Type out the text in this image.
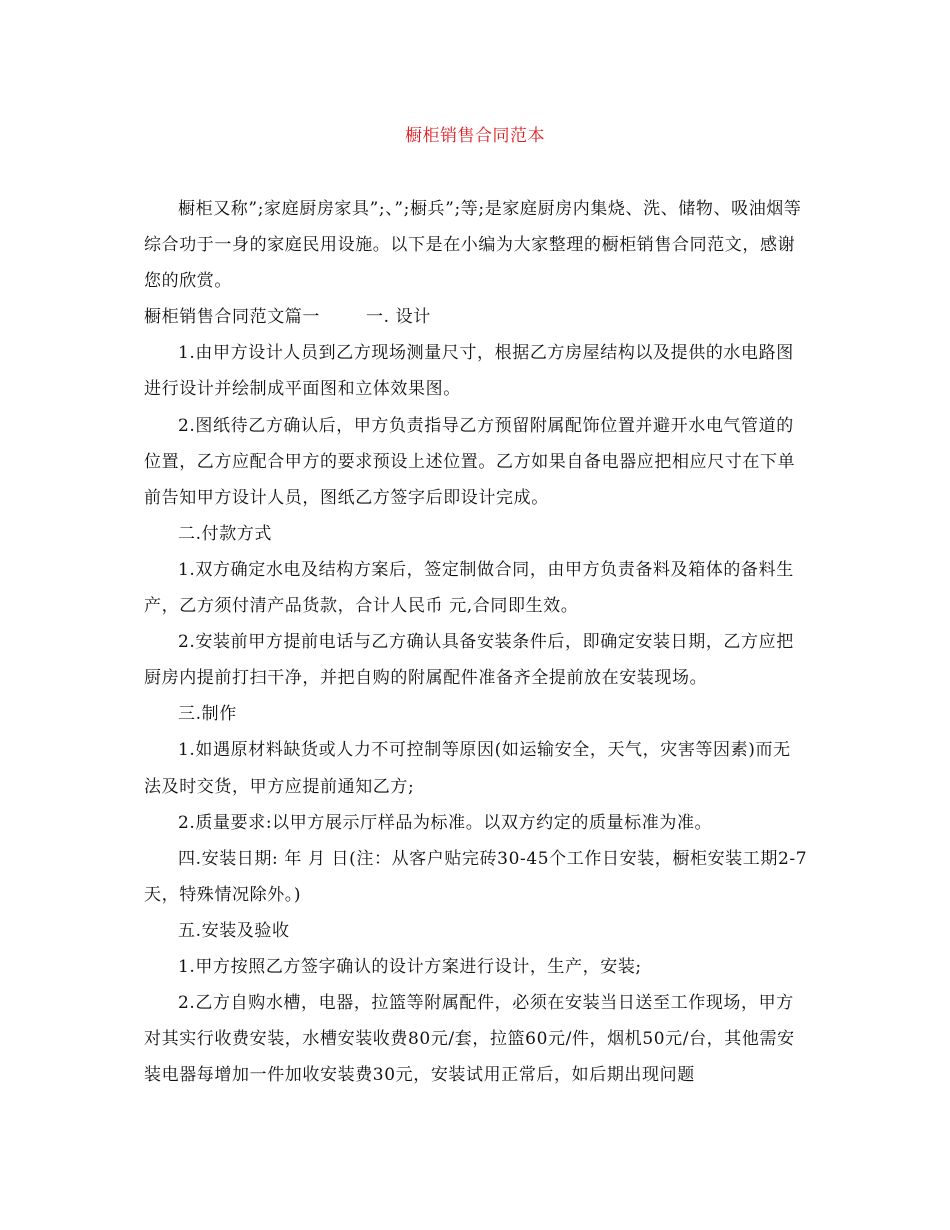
橱柜销售合同范本

橱柜又称”;家庭厨房家具”;、”;橱兵”;等;是家庭厨房内集烧、洗、储物、吸油烟等综合功于一身的家庭民用设施。以下是在小编为大家整理的橱柜销售合同范文，感谢您的欣赏。

橱柜销售合同范文篇一	一. 设计

1.由甲方设计人员到乙方现场测量尺寸，根据乙方房屋结构以及提供的水电路图进行设计并绘制成平面图和立体效果图。

2.图纸待乙方确认后，甲方负责指导乙方预留附属配饰位置并避开水电气管道的位置，乙方应配合甲方的要求预设上述位置。乙方如果自备电器应把相应尺寸在下单前告知甲方设计人员，图纸乙方签字后即设计完成。

二.付款方式

1.双方确定水电及结构方案后，签定制做合同，由甲方负责备料及箱体的备料生产，乙方须付清产品货款，合计人民币 元,合同即生效。

2.安装前甲方提前电话与乙方确认具备安装条件后，即确定安装日期，乙方应把厨房内提前打扫干净，并把自购的附属配件准备齐全提前放在安装现场。

三.制作

1.如遇原材料缺货或人力不可控制等原因(如运输安全，天气，灾害等因素)而无法及时交货，甲方应提前通知乙方;

2.质量要求:以甲方展示厅样品为标准。以双方约定的质量标准为准。

四.安装日期: 年 月 日(注：从客户贴完砖30-45个工作日安装，橱柜安装工期2-7天，特殊情况除外。)

五.安装及验收

1.甲方按照乙方签字确认的设计方案进行设计，生产，安装;

2.乙方自购水槽，电器，拉篮等附属配件，必须在安装当日送至工作现场，甲方对其实行收费安装，水槽安装收费80元/套，拉篮60元/件，烟机50元/台，其他需安装电器每增加一件加收安装费30元，安装试用正常后，如后期出现问题
